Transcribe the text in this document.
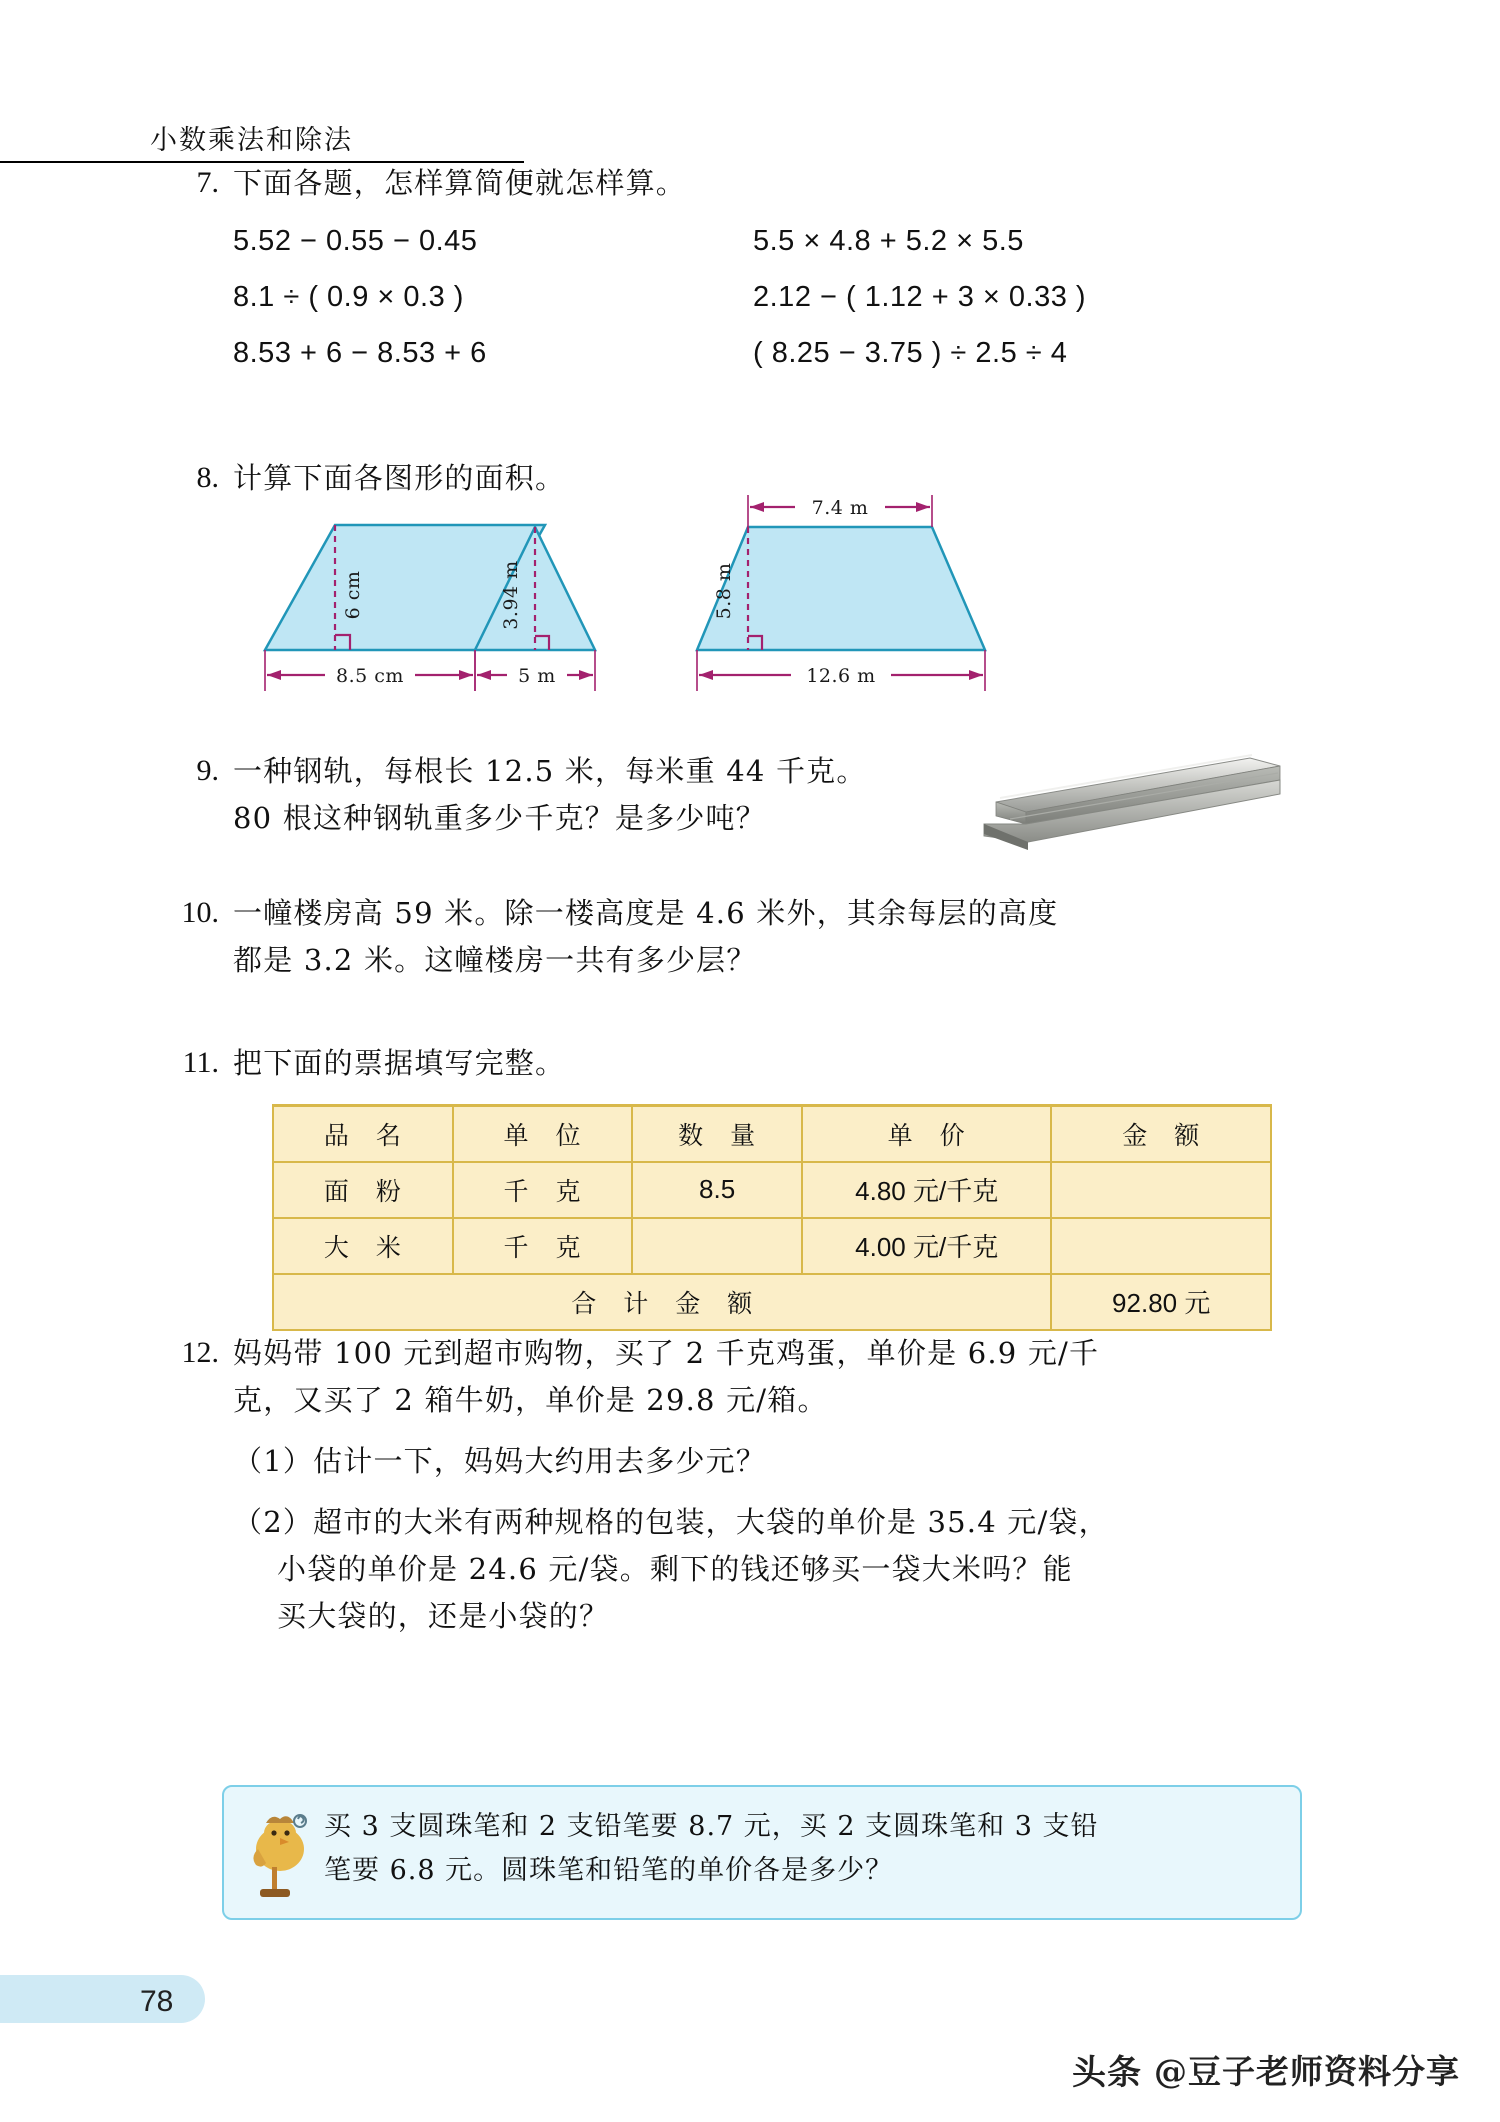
小数乘法和除法
7. 下面各题，怎样算简便就怎样算。
5.52 − 0.55 − 0.45	5.5 × 4.8 + 5.2 × 5.5
8.1 ÷ ( 0.9 × 0.3 )	2.12 − ( 1.12 + 3 × 0.33 )
8.53 + 6 − 8.53 + 6	( 8.25 − 3.75 ) ÷ 2.5 ÷ 4
8. 计算下面各图形的面积。
8.5 cm
6 cm
5 m
3.94 m
7.4 m
12.6 m
5.8 m
9. 一种钢轨，每根长 12.5 米，每米重 44 千克。
80 根这种钢轨重多少千克？是多少吨？
10. 一幢楼房高 59 米。除一楼高度是 4.6 米外，其余每层的高度
都是 3.2 米。这幢楼房一共有多少层？
11. 把下面的票据填写完整。
品　名	单　位	数　量	单　价	金　额
面　粉	千　克	8.5	4.80 元/千克	
大　米	千　克		4.00 元/千克	
合　计　金　额				92.80 元
12. 妈妈带 100 元到超市购物，买了 2 千克鸡蛋，单价是 6.9 元/千
克，又买了 2 箱牛奶，单价是 29.8 元/箱。
（1）估计一下，妈妈大约用去多少元？
（2）超市的大米有两种规格的包装，大袋的单价是 35.4 元/袋，
小袋的单价是 24.6 元/袋。剩下的钱还够买一袋大米吗？能
买大袋的，还是小袋的？
买 3 支圆珠笔和 2 支铅笔要 8.7 元，买 2 支圆珠笔和 3 支铅
笔要 6.8 元。圆珠笔和铅笔的单价各是多少？
78
头条 @豆子老师资料分享
